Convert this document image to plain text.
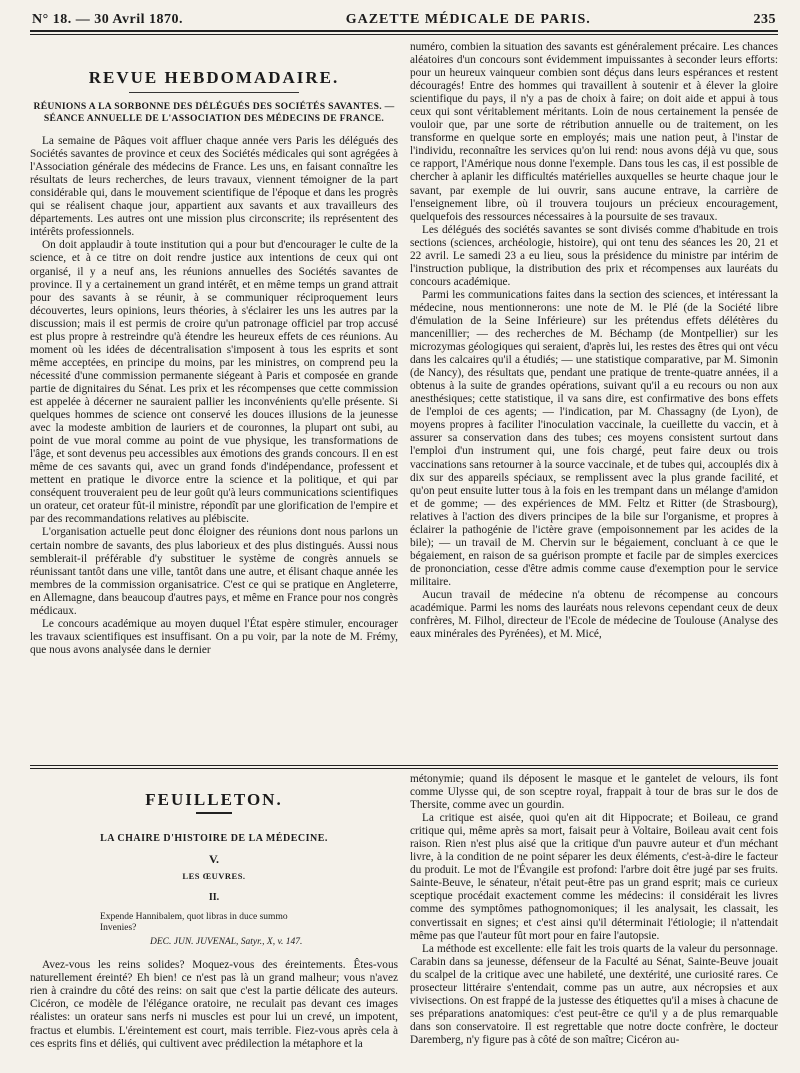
N° 18. — 30 Avril 1870.	GAZETTE MÉDICALE DE PARIS.	235
REVUE HEBDOMADAIRE.
RÉUNIONS A LA SORBONNE DES DÉLÉGUÉS DES SOCIÉTÉS SAVANTES. —
SÉANCE ANNUELLE DE L'ASSOCIATION DES MÉDECINS DE FRANCE.

La semaine de Pâques voit affluer chaque année vers Paris les délégués des Sociétés savantes de province et ceux des Sociétés médicales qui sont agrégées à l'Association générale des médecins de France. Les uns, en faisant connaître les résultats de leurs recherches, de leurs travaux, viennent témoigner de la part considérable qui, dans le mouvement scientifique de l'époque et dans les progrès qui se réalisent chaque jour, appartient aux savants et aux travailleurs des départements. Les autres ont une mission plus circonscrite; ils représentent des intérêts professionnels.

On doit applaudir à toute institution qui a pour but d'encourager le culte de la science, et à ce titre on doit rendre justice aux intentions de ceux qui ont organisé, il y a neuf ans, les réunions annuelles des Sociétés savantes de province. Il y a certainement un grand intérêt, et en même temps un grand attrait pour des savants à se réunir, à se communiquer réciproquement leurs découvertes, leurs opinions, leurs théories, à s'éclairer les uns les autres par la discussion; mais il est permis de croire qu'un patronage officiel par trop accusé est plus propre à restreindre qu'à étendre les heureux effets de ces réunions. Au moment où les idées de décentralisation s'imposent à tous les esprits et sont même acceptées, en principe du moins, par les ministres, on comprend peu la nécessité d'une commission permanente siégeant à Paris et composée en grande partie de dignitaires du Sénat. Les prix et les récompenses que cette commission est appelée à décerner ne sauraient pallier les inconvénients qu'elle présente. Si quelques hommes de science ont conservé les douces illusions de la jeunesse avec la modeste ambition de lauriers et de couronnes, la plupart ont subi, au point de vue moral comme au point de vue physique, les transformations de l'âge, et sont devenus peu accessibles aux émotions des grands concours. Il en est même de ces savants qui, avec un grand fonds d'indépendance, professent et mettent en pratique le divorce entre la science et la politique, et qui par conséquent trouveraient peu de leur goût qu'à leurs communications scientifiques un orateur, cet orateur fût-il ministre, répondît par une glorification de l'empire et par des recommandations relatives au plébiscite.

L'organisation actuelle peut donc éloigner des réunions dont nous parlons un certain nombre de savants, des plus laborieux et des plus distingués. Aussi nous semblerait-il préférable d'y substituer le système de congrès annuels se réunissant tantôt dans une ville, tantôt dans une autre, et élisant chaque année les membres de la commission organisatrice. C'est ce qui se pratique en Angleterre, en Allemagne, dans beaucoup d'autres pays, et même en France pour nos congrès médicaux.

Le concours académique au moyen duquel l'État espère stimuler, encourager les travaux scientifiques est insuffisant. On a pu voir, par la note de M. Frémy, que nous avons analysée dans le dernier

numéro, combien la situation des savants est généralement précaire. Les chances aléatoires d'un concours sont évidemment impuissantes à seconder leurs efforts: pour un heureux vainqueur combien sont déçus dans leurs espérances et restent découragés! Entre des hommes qui travaillent à soutenir et à élever la gloire scientifique du pays, il n'y a pas de choix à faire; on doit aide et appui à tous ceux qui sont véritablement méritants. Loin de nous certainement la pensée de vouloir que, par une sorte de rétribution annuelle ou de traitement, on les transforme en quelque sorte en employés; mais une nation peut, à l'instar de l'individu, reconnaître les services qu'on lui rend: nous avons déjà vu que, sous ce rapport, l'Amérique nous donne l'exemple. Dans tous les cas, il est possible de chercher à aplanir les difficultés matérielles auxquelles se heurte chaque jour le savant, par exemple de lui ouvrir, sans aucune entrave, la carrière de l'enseignement libre, où il trouvera toujours un précieux encouragement, quelquefois des ressources nécessaires à la poursuite de ses travaux.

Les délégués des sociétés savantes se sont divisés comme d'habitude en trois sections (sciences, archéologie, histoire), qui ont tenu des séances les 20, 21 et 22 avril. Le samedi 23 a eu lieu, sous la présidence du ministre par intérim de l'instruction publique, la distribution des prix et récompenses aux lauréats du concours académique.

Parmi les communications faites dans la section des sciences, et intéressant la médecine, nous mentionnerons: une note de M. le Plé (de la Société libre d'émulation de la Seine Inférieure) sur les prétendus effets délétères du mancenillier; — des recherches de M. Béchamp (de Montpellier) sur les microzymas géologiques qui seraient, d'après lui, les restes des êtres qui ont vécu dans les calcaires qu'il a étudiés; — une statistique comparative, par M. Simonin (de Nancy), des résultats que, pendant une pratique de trente-quatre années, il a obtenus à la suite de grandes opérations, suivant qu'il a eu recours ou non aux anesthésiques; cette statistique, il va sans dire, est confirmative des bons effets de l'emploi de ces agents; — l'indication, par M. Chassagny (de Lyon), de moyens propres à faciliter l'inoculation vaccinale, la cueillette du vaccin, et à assurer sa conservation dans des tubes; ces moyens consistent surtout dans l'emploi d'un instrument qui, une fois chargé, peut faire deux ou trois vaccinations sans retourner à la source vaccinale, et de tubes qui, accouplés dix à dix sur des appareils spéciaux, se remplissent avec la plus grande facilité, et qu'on peut ensuite lutter tous à la fois en les trempant dans un mélange d'amidon et de gomme; — des expériences de MM. Feltz et Ritter (de Strasbourg), relatives à l'action des divers principes de la bile sur l'organisme, et propres à éclairer la pathogénie de l'ictère grave (empoisonnement par les acides de la bile); — un travail de M. Chervin sur le bégaiement, concluant à ce que le bégaiement, en raison de sa guérison prompte et facile par de simples exercices de prononciation, cesse d'être admis comme cause d'exemption pour le service militaire.

Aucun travail de médecine n'a obtenu de récompense au concours académique. Parmi les noms des lauréats nous relevons cependant ceux de deux confrères, M. Filhol, directeur de l'Ecole de médecine de Toulouse (Analyse des eaux minérales des Pyrénées), et M. Micé,

FEUILLETON.
LA CHAIRE D'HISTOIRE DE LA MÉDECINE.
V.
LES ŒUVRES.
II.
Expende Hannibalem, quot libras in duce summo
Invenies?
DEC. JUN. JUVENAL, Satyr., X, v. 147.

Avez-vous les reins solides? Moquez-vous des éreintements. Êtes-vous naturellement éreinté? Eh bien! ce n'est pas là un grand malheur; vous n'avez rien à craindre du côté des reins: on sait que c'est la partie délicate des auteurs. Cicéron, ce modèle de l'élégance oratoire, ne reculait pas devant ces images réalistes: un orateur sans nerfs ni muscles est pour lui un crevé, un impotent, fractus et elumbis. L'éreintement est court, mais terrible. Fiez-vous après cela à ces esprits fins et déliés, qui cultivent avec prédilection la métaphore et la

métonymie; quand ils déposent le masque et le gantelet de velours, ils font comme Ulysse qui, de son sceptre royal, frappait à tour de bras sur le dos de Thersite, comme avec un gourdin.

La critique est aisée, quoi qu'en ait dit Hippocrate; et Boileau, ce grand critique qui, même après sa mort, faisait peur à Voltaire, Boileau avait cent fois raison. Rien n'est plus aisé que la critique d'un pauvre auteur et d'un méchant livre, à la condition de ne point séparer les deux éléments, c'est-à-dire le facteur du produit. Le mot de l'Évangile est profond: l'arbre doit être jugé par ses fruits. Sainte-Beuve, le sénateur, n'était peut-être pas un grand esprit; mais ce curieux sceptique procédait exactement comme les médecins: il considérait les livres comme des symptômes pathognomoniques; il les analysait, les classait, les convertissait en signes; et c'est ainsi qu'il déterminait l'étiologie; il n'attendait même pas que l'auteur fût mort pour en faire l'autopsie.

La méthode est excellente: elle fait les trois quarts de la valeur du personnage. Carabin dans sa jeunesse, défenseur de la Faculté au Sénat, Sainte-Beuve jouait du scalpel de la critique avec une habileté, une dextérité, une curiosité rares. Ce prosecteur littéraire s'entendait, comme pas un autre, aux nécropsies et aux vivisections. On est frappé de la justesse des étiquettes qu'il a mises à chacune de ses préparations anatomiques: c'est peut-être ce qu'il y a de plus remarquable dans son conservatoire. Il est regrettable que notre docte confrère, le docteur Daremberg, n'y figure pas à côté de son maître; Cicéron au-
